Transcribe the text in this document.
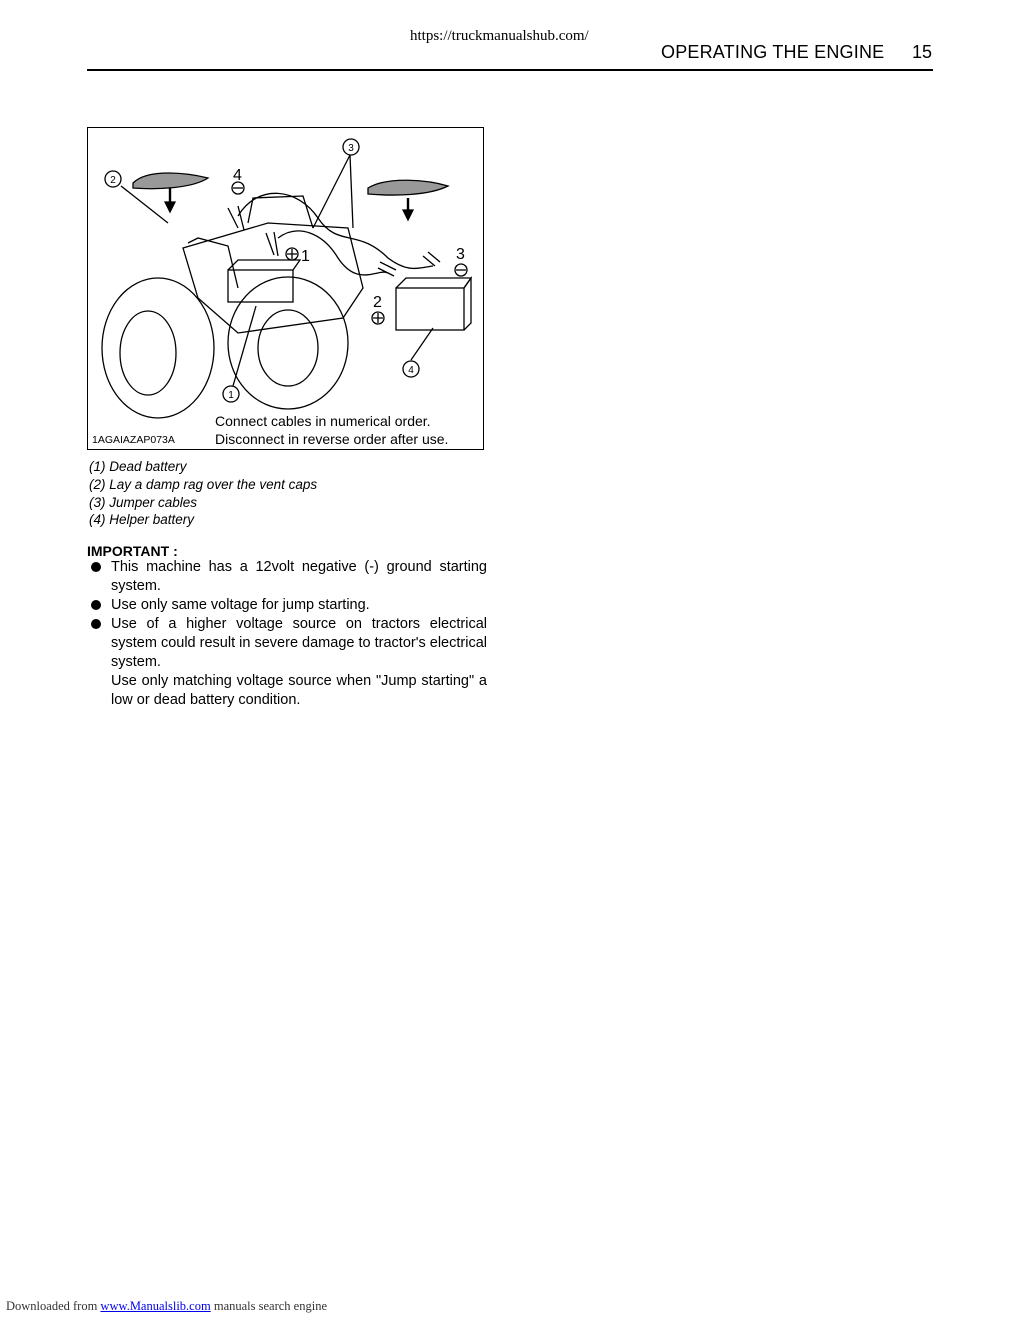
https://truckmanualshub.com/
OPERATING THE ENGINE 15
3
2
1
4
4
1	3
2
Connect cables in numerical order.
Disconnect in reverse order after use.
1AGAIAZAP073A
(1) Dead battery
(2) Lay a damp rag over the vent caps
(3) Jumper cables
(4) Helper battery
IMPORTANT :

This machine has a 12volt negative (-) ground starting system.

Use only same voltage for jump starting.

Use of a higher voltage source on tractors electrical system could result in severe damage to tractor's electrical system.

Use only matching voltage source when "Jump starting" a low or dead battery condition.

Downloaded from www.Manualslib.com manuals search engine
